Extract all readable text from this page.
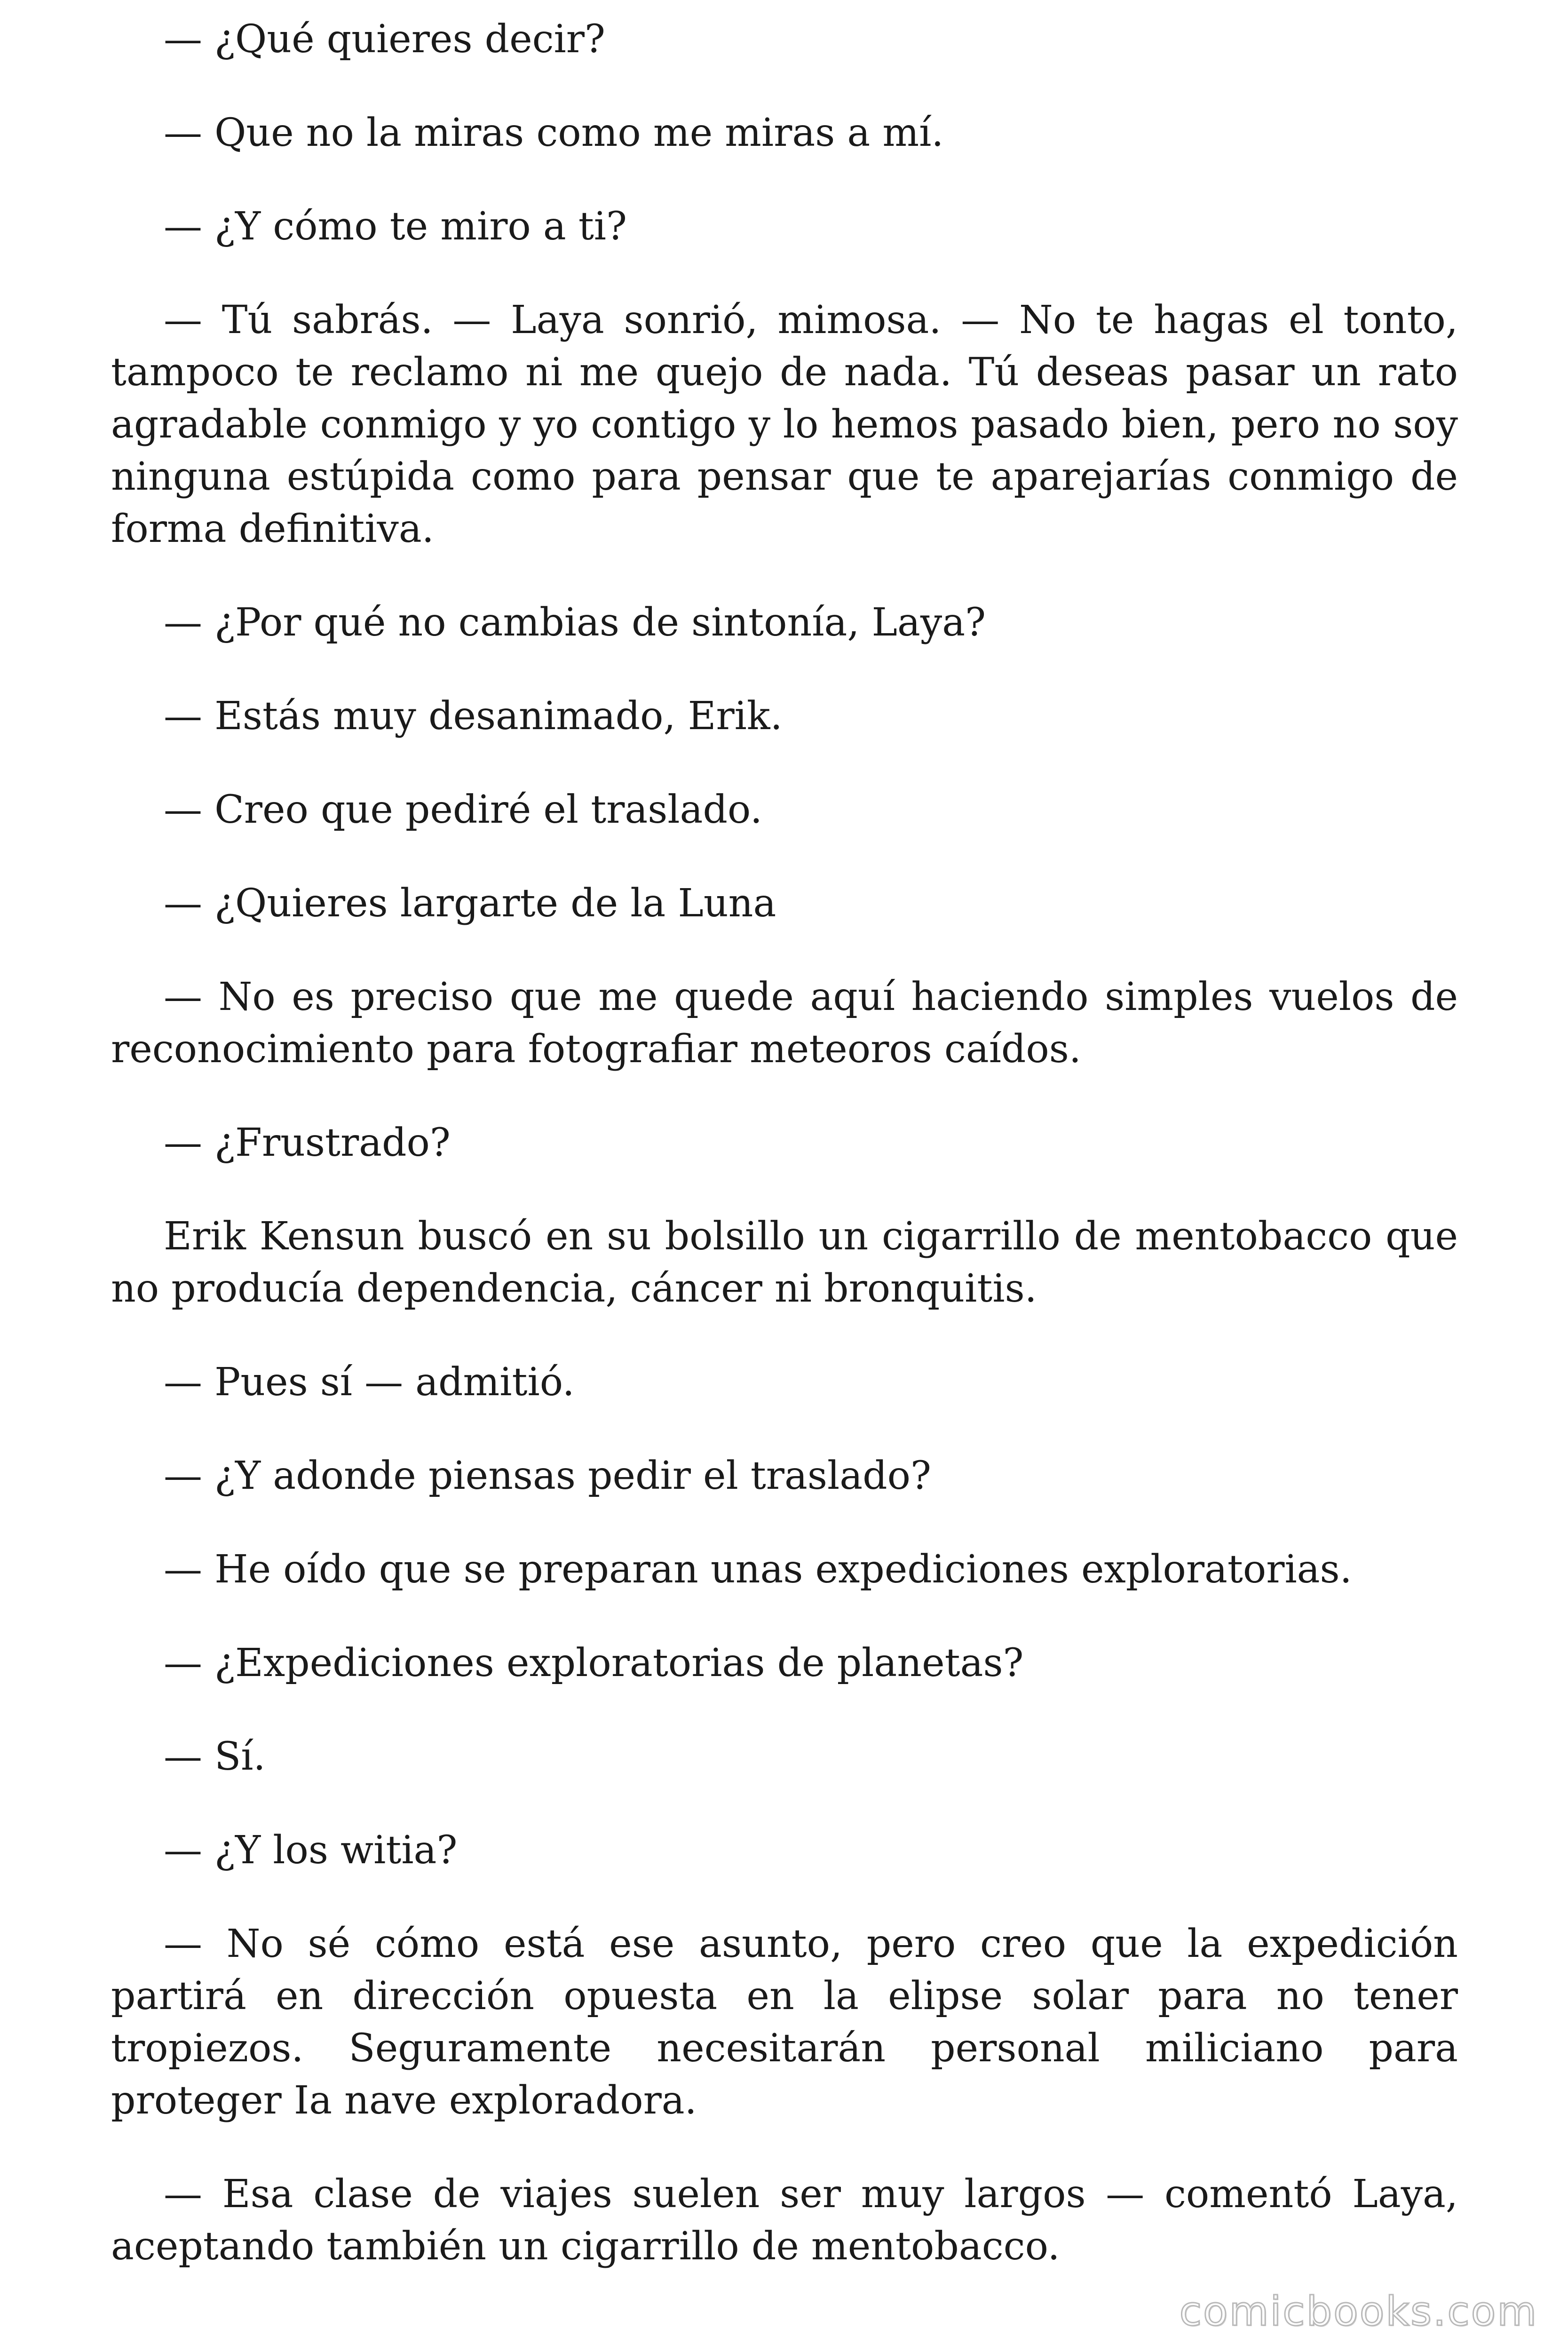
— ¿Qué quieres decir?

— Que no la miras como me miras a mí.

— ¿Y cómo te miro a ti?

— Tú sabrás. — Laya sonrió, mimosa. — No te hagas el tonto, tampoco te reclamo ni me quejo de nada. Tú deseas pasar un rato agradable conmigo y yo contigo y lo hemos pasado bien, pero no soy ninguna estúpida como para pensar que te aparejarías conmigo de forma definitiva.

— ¿Por qué no cambias de sintonía, Laya?

— Estás muy desanimado, Erik.

— Creo que pediré el traslado.

— ¿Quieres largarte de la Luna

— No es preciso que me quede aquí haciendo simples vuelos de reconocimiento para fotografiar meteoros caídos.

— ¿Frustrado?

Erik Kensun buscó en su bolsillo un cigarrillo de mentobacco que no producía dependencia, cáncer ni bronquitis.

— Pues sí — admitió.

— ¿Y adonde piensas pedir el traslado?

— He oído que se preparan unas expediciones exploratorias.

— ¿Expediciones exploratorias de planetas?

— Sí.

— ¿Y los witia?

— No sé cómo está ese asunto, pero creo que la expedición partirá en dirección opuesta en la elipse solar para no tener tropiezos. Seguramente necesitarán personal miliciano para proteger Ia nave exploradora.

— Esa clase de viajes suelen ser muy largos — comentó Laya, aceptando también un cigarrillo de mentobacco.

comicbooks.com
